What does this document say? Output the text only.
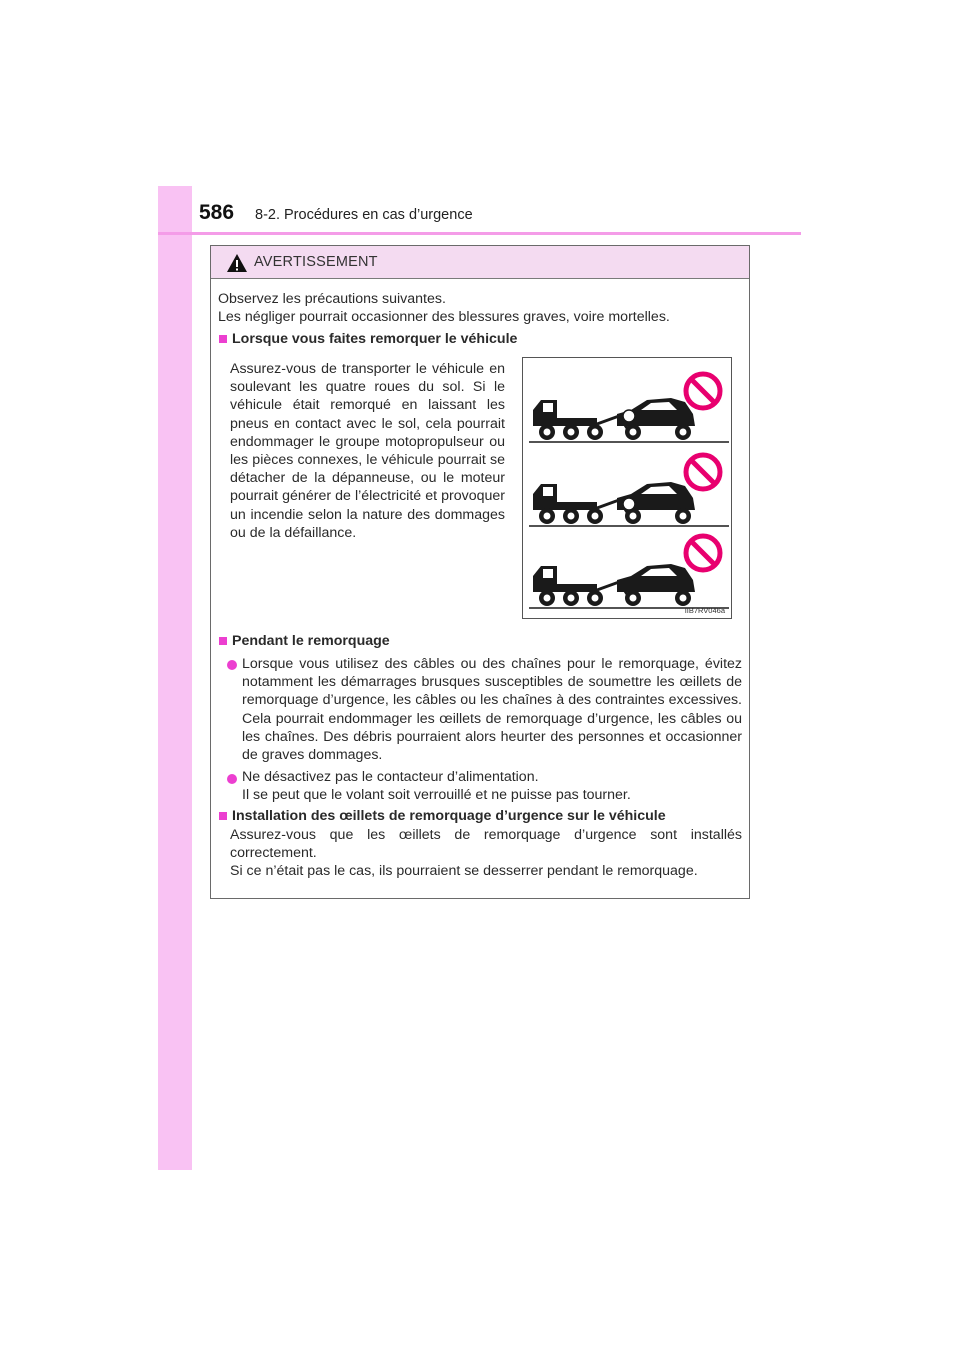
586 8-2. Procédures en cas d’urgence
AVERTISSEMENT
Observez les précautions suivantes.
Les négliger pourrait occasionner des blessures graves, voire mortelles.
Lorsque vous faites remorquer le véhicule
Assurez-vous de transporter le véhicule en soulevant les quatre roues du sol. Si le véhicule était remorqué en laissant les pneus en contact avec le sol, cela pourrait endommager le groupe motopropulseur ou les pièces connexes, le véhicule pourrait se détacher de la dépanneuse, ou le moteur pourrait générer de l’électricité et provoquer un incendie selon la nature des dommages ou de la défaillance.
IIB7RV046a
Pendant le remorquage
Lorsque vous utilisez des câbles ou des chaînes pour le remorquage, évitez notamment les démarrages brusques susceptibles de soumettre les œillets de remorquage d’urgence, les câbles ou les chaînes à des contraintes excessives. Cela pourrait endommager les œillets de remorquage d’urgence, les câbles ou les chaînes. Des débris pourraient alors heurter des personnes et occasionner de graves dommages.
Ne désactivez pas le contacteur d’alimentation.
Il se peut que le volant soit verrouillé et ne puisse pas tourner.
Installation des œillets de remorquage d’urgence sur le véhicule
Assurez-vous que les œillets de remorquage d’urgence sont installés correctement.
Si ce n’était pas le cas, ils pourraient se desserrer pendant le remorquage.
